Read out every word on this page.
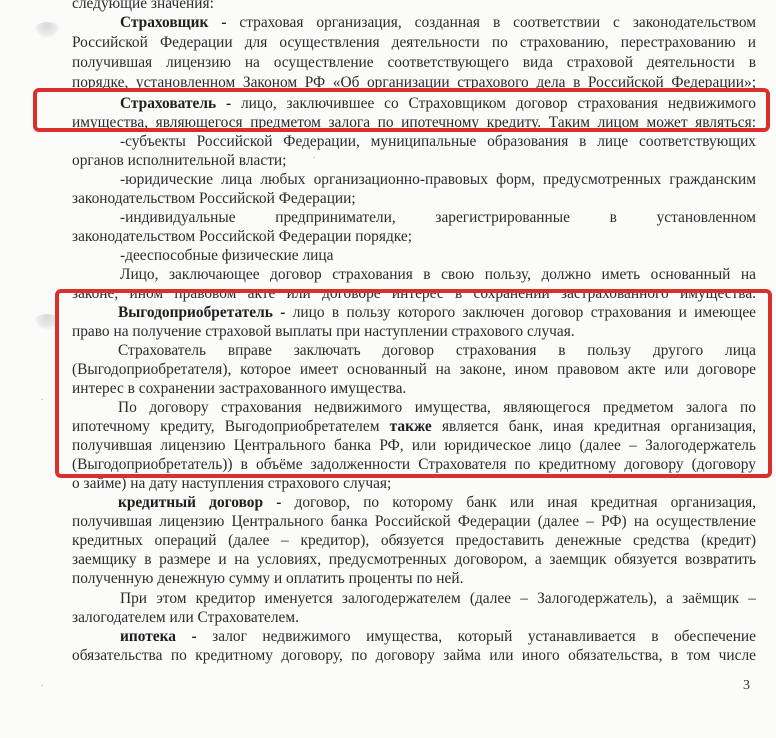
·
·
·
следующие значения:
Страховщик - страховая организация, созданная в соответствии с законодательством
Российской Федерации для осуществления деятельности по страхованию, перестрахованию и
получившая лицензию на осуществление соответствующего вида страховой деятельности в
порядке, установленном Законом РФ «Об организации страхового дела в Российской Федерации»;
Страхователь - лицо, заключившее со Страховщиком договор страхования недвижимого
имущества, являющегося предметом залога по ипотечному кредиту. Таким лицом может являться:
-субъекты Российской Федерации, муниципальные образования в лице соответствующих
органов исполнительной власти;
-юридические лица любых организационно-правовых форм, предусмотренных гражданским
законодательством Российской Федерации;
-индивидуальные предприниматели, зарегистрированные в установленном
законодательством Российской Федерации порядке;
-дееспособные физические лица
Лицо, заключающее договор страхования в свою пользу, должно иметь основанный на
законе, ином правовом акте или договоре интерес в сохранении застрахованного имущества.
Выгодоприобретатель - лицо в пользу которого заключен договор страхования и имеющее
право на получение страховой выплаты при наступлении страхового случая.
Страхователь вправе заключать договор страхования в пользу другого лица
(Выгодоприобретателя), которое имеет основанный на законе, ином правовом акте или договоре
интерес в сохранении застрахованного имущества.
По договору страхования недвижимого имущества, являющегося предметом залога по
ипотечному кредиту, Выгодоприобретателем также является банк, иная кредитная организация,
получившая лицензию Центрального банка РФ, или юридическое лицо (далее – Залогодержатель
(Выгодоприобретатель)) в объёме задолженности Страхователя по кредитному договору (договору
о займе) на дату наступления страхового случая;
кредитный договор - договор, по которому банк или иная кредитная организация,
получившая лицензию Центрального банка Российской Федерации (далее – РФ) на осуществление
кредитных операций (далее – кредитор), обязуется предоставить денежные средства (кредит)
заемщику в размере и на условиях, предусмотренных договором, а заемщик обязуется возвратить
полученную денежную сумму и оплатить проценты по ней.
При этом кредитор именуется залогодержателем (далее – Залогодержатель), а заёмщик –
залогодателем или Страхователем.
ипотека - залог недвижимого имущества, который устанавливается в обеспечение
обязательства по кредитному договору, по договору займа или иного обязательства, в том числе
3
